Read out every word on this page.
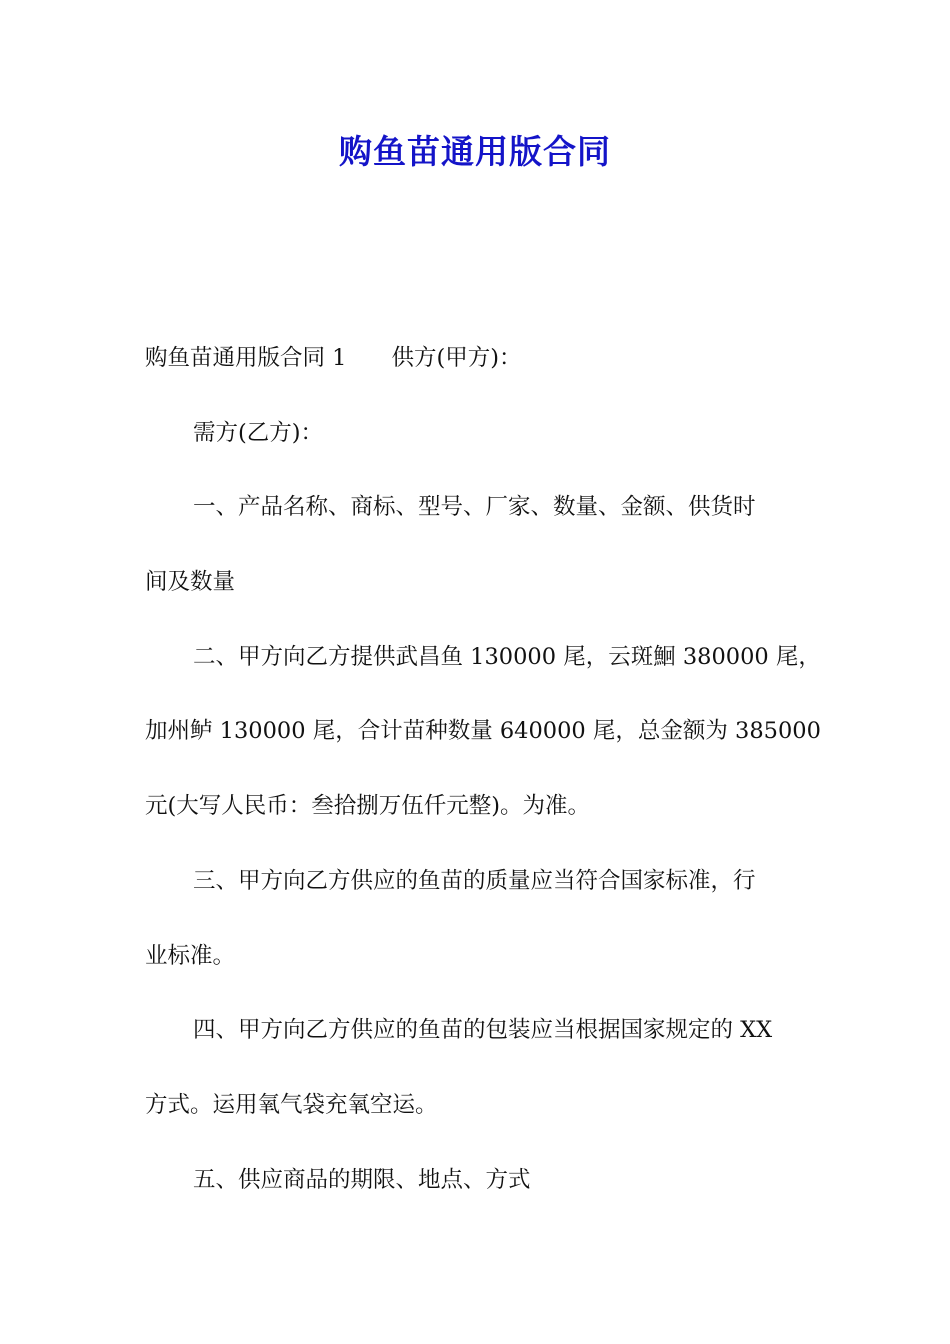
购鱼苗通用版合同
购鱼苗通用版合同 1 供方(甲方)：
需方(乙方)：
一、产品名称、商标、型号、厂家、数量、金额、供货时
间及数量
二、甲方向乙方提供武昌鱼 130000 尾，云斑鮰 380000 尾，
加州鲈 130000 尾，合计苗种数量 640000 尾，总金额为 385000
元(大写人民币：叁拾捌万伍仟元整)。为准。
三、甲方向乙方供应的鱼苗的质量应当符合国家标准，行
业标准。
四、甲方向乙方供应的鱼苗的包装应当根据国家规定的 XX
方式。运用氧气袋充氧空运。
五、供应商品的期限、地点、方式
